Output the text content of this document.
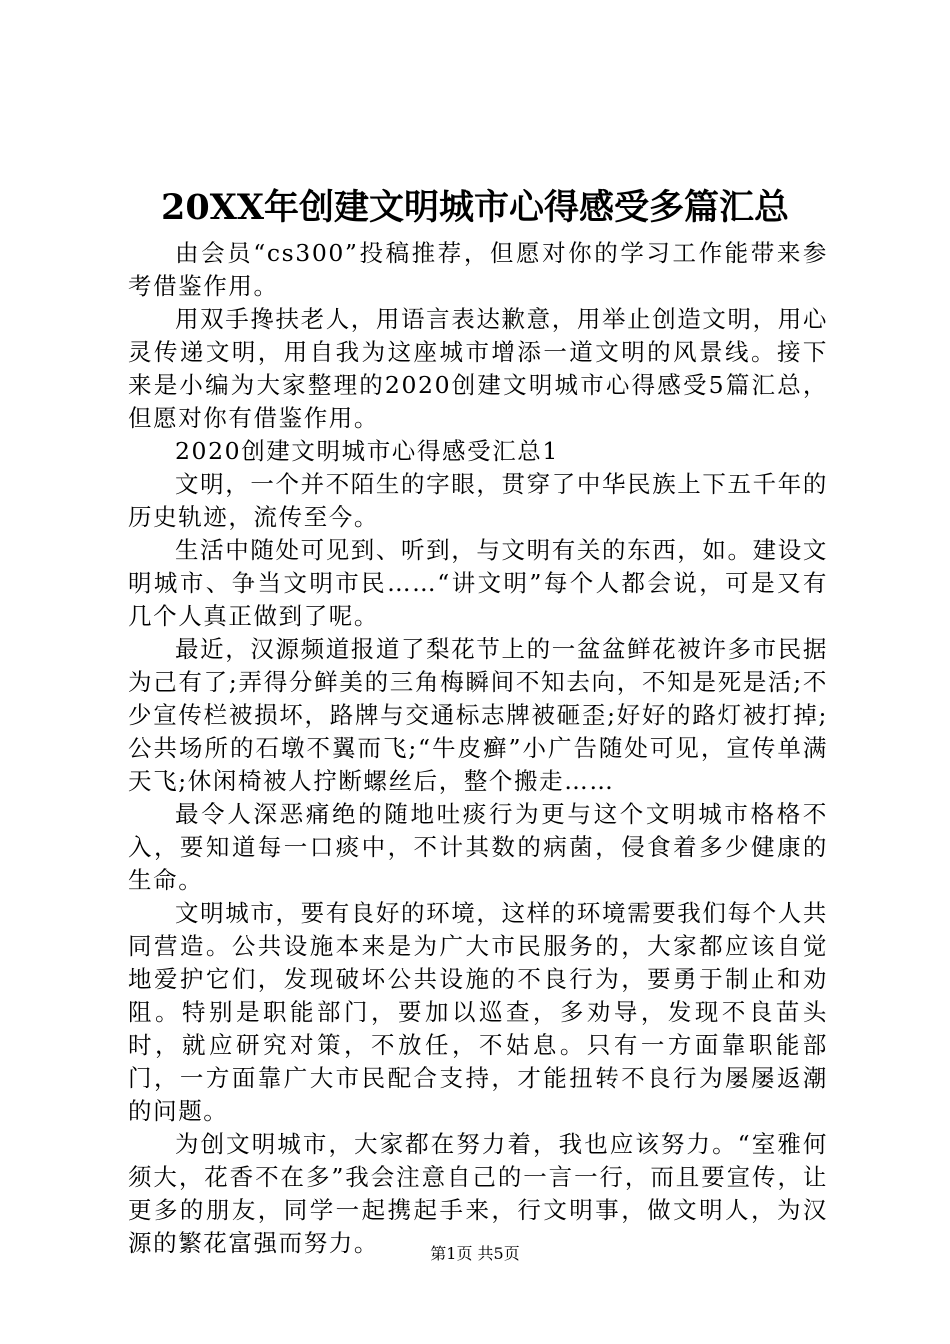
20XX年创建文明城市心得感受多篇汇总

由会员“cs300”投稿推荐，但愿对你的学习工作能带来参考借鉴作用。

用双手搀扶老人，用语言表达歉意，用举止创造文明，用心灵传递文明，用自我为这座城市增添一道文明的风景线。接下来是小编为大家整理的2020创建文明城市心得感受5篇汇总，但愿对你有借鉴作用。

2020创建文明城市心得感受汇总1

文明，一个并不陌生的字眼，贯穿了中华民族上下五千年的历史轨迹，流传至今。

生活中随处可见到、听到，与文明有关的东西，如。建设文明城市、争当文明市民……“讲文明”每个人都会说，可是又有几个人真正做到了呢。

最近，汉源频道报道了梨花节上的一盆盆鲜花被许多市民据为己有了;弄得分鲜美的三角梅瞬间不知去向，不知是死是活;不少宣传栏被损坏，路牌与交通标志牌被砸歪;好好的路灯被打掉;公共场所的石墩不翼而飞;“牛皮癣”小广告随处可见，宣传单满天飞;休闲椅被人拧断螺丝后，整个搬走……

最令人深恶痛绝的随地吐痰行为更与这个文明城市格格不入，要知道每一口痰中，不计其数的病菌，侵食着多少健康的生命。

文明城市，要有良好的环境，这样的环境需要我们每个人共同营造。公共设施本来是为广大市民服务的，大家都应该自觉地爱护它们，发现破坏公共设施的不良行为，要勇于制止和劝阻。特别是职能部门，要加以巡查，多劝导，发现不良苗头时，就应研究对策，不放任，不姑息。只有一方面靠职能部门，一方面靠广大市民配合支持，才能扭转不良行为屡屡返潮的问题。

为创文明城市，大家都在努力着，我也应该努力。“室雅何须大，花香不在多”我会注意自己的一言一行，而且要宣传，让更多的朋友，同学一起携起手来，行文明事，做文明人，为汉源的繁花富强而努力。	第1页 共5页
